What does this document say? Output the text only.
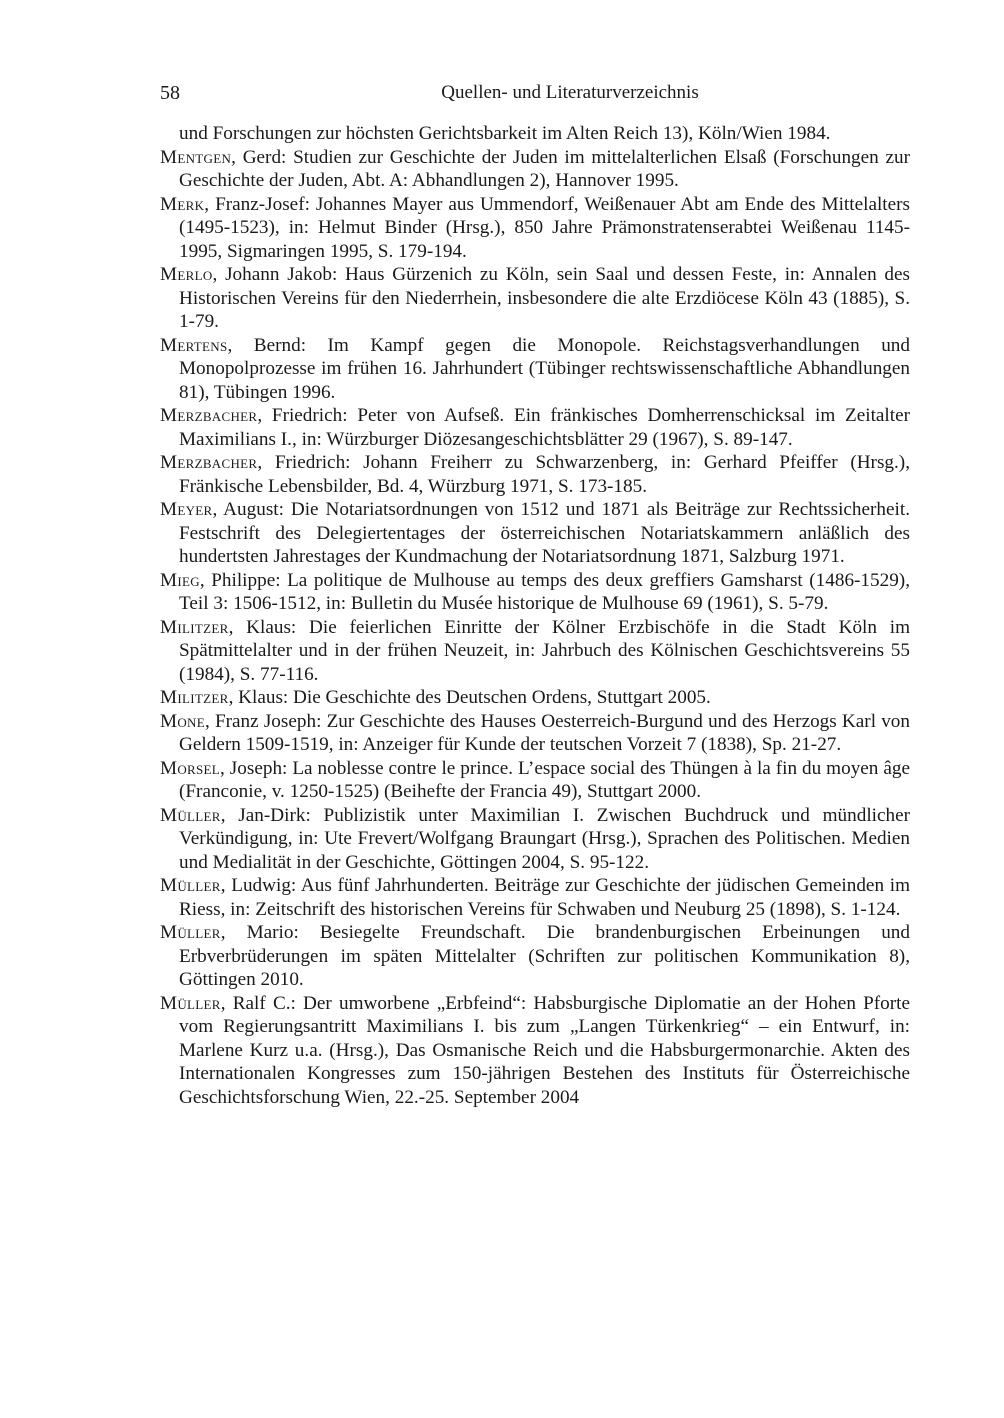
58	Quellen- und Literaturverzeichnis
und Forschungen zur höchsten Gerichtsbarkeit im Alten Reich 13), Köln/Wien 1984.
Mentgen, Gerd: Studien zur Geschichte der Juden im mittelalterlichen Elsaß (Forschungen zur Geschichte der Juden, Abt. A: Abhandlungen 2), Hannover 1995.
Merk, Franz-Josef: Johannes Mayer aus Ummendorf, Weißenauer Abt am Ende des Mittelalters (1495-1523), in: Helmut Binder (Hrsg.), 850 Jahre Prämonstratenserabtei Weißenau 1145-1995, Sigmaringen 1995, S. 179-194.
Merlo, Johann Jakob: Haus Gürzenich zu Köln, sein Saal und dessen Feste, in: Annalen des Historischen Vereins für den Niederrhein, insbesondere die alte Erzdiöcese Köln 43 (1885), S. 1-79.
Mertens, Bernd: Im Kampf gegen die Monopole. Reichstagsverhandlungen und Monopolprozesse im frühen 16. Jahrhundert (Tübinger rechtswissenschaftliche Abhandlungen 81), Tübingen 1996.
Merzbacher, Friedrich: Peter von Aufseß. Ein fränkisches Domherrenschicksal im Zeitalter Maximilians I., in: Würzburger Diözesangeschichtsblätter 29 (1967), S. 89-147.
Merzbacher, Friedrich: Johann Freiherr zu Schwarzenberg, in: Gerhard Pfeiffer (Hrsg.), Fränkische Lebensbilder, Bd. 4, Würzburg 1971, S. 173-185.
Meyer, August: Die Notariatsordnungen von 1512 und 1871 als Beiträge zur Rechtssicherheit. Festschrift des Delegiertentages der österreichischen Notariatskammern anläßlich des hundertsten Jahrestages der Kundmachung der Notariatsordnung 1871, Salzburg 1971.
Mieg, Philippe: La politique de Mulhouse au temps des deux greffiers Gamsharst (1486-1529), Teil 3: 1506-1512, in: Bulletin du Musée historique de Mulhouse 69 (1961), S. 5-79.
Militzer, Klaus: Die feierlichen Einritte der Kölner Erzbischöfe in die Stadt Köln im Spätmittelalter und in der frühen Neuzeit, in: Jahrbuch des Kölnischen Geschichtsvereins 55 (1984), S. 77-116.
Militzer, Klaus: Die Geschichte des Deutschen Ordens, Stuttgart 2005.
Mone, Franz Joseph: Zur Geschichte des Hauses Oesterreich-Burgund und des Herzogs Karl von Geldern 1509-1519, in: Anzeiger für Kunde der teutschen Vorzeit 7 (1838), Sp. 21-27.
Morsel, Joseph: La noblesse contre le prince. L’espace social des Thüngen à la fin du moyen âge (Franconie, v. 1250-1525) (Beihefte der Francia 49), Stuttgart 2000.
Müller, Jan-Dirk: Publizistik unter Maximilian I. Zwischen Buchdruck und mündlicher Verkündigung, in: Ute Frevert/Wolfgang Braungart (Hrsg.), Sprachen des Politischen. Medien und Medialität in der Geschichte, Göttingen 2004, S. 95-122.
Müller, Ludwig: Aus fünf Jahrhunderten. Beiträge zur Geschichte der jüdischen Gemeinden im Riess, in: Zeitschrift des historischen Vereins für Schwaben und Neuburg 25 (1898), S. 1-124.
Müller, Mario: Besiegelte Freundschaft. Die brandenburgischen Erbeinungen und Erbverbrüderungen im späten Mittelalter (Schriften zur politischen Kommunikation 8), Göttingen 2010.
Müller, Ralf C.: Der umworbene „Erbfeind“: Habsburgische Diplomatie an der Hohen Pforte vom Regierungsantritt Maximilians I. bis zum „Langen Türkenkrieg“ – ein Entwurf, in: Marlene Kurz u.a. (Hrsg.), Das Osmanische Reich und die Habsburgermonarchie. Akten des Internationalen Kongresses zum 150-jährigen Bestehen des Instituts für Österreichische Geschichtsforschung Wien, 22.-25. September 2004
